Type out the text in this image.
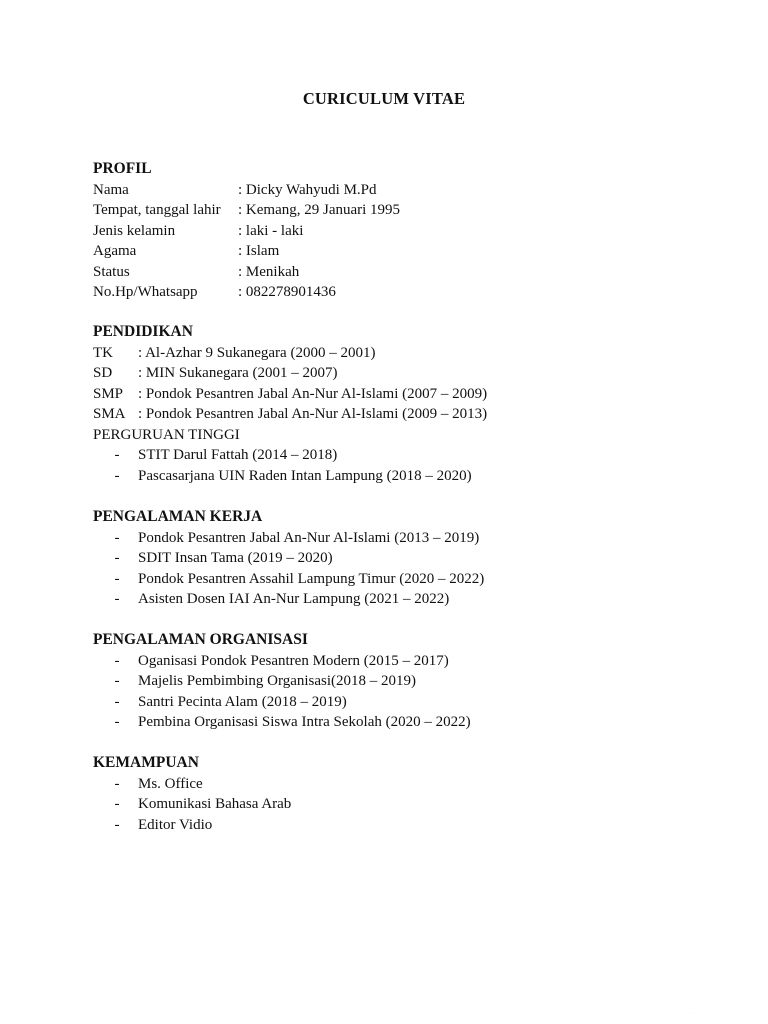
CURICULUM VITAE
PROFIL
Nama	: Dicky Wahyudi M.Pd
Tempat, tanggal lahir	: Kemang, 29 Januari 1995
Jenis kelamin	: laki - laki
Agama	: Islam
Status	: Menikah
No.Hp/Whatsapp	: 082278901436
PENDIDIKAN
TK	: Al-Azhar 9 Sukanegara (2000 – 2001)
SD	: MIN Sukanegara (2001 – 2007)
SMP : Pondok Pesantren Jabal An-Nur Al-Islami (2007 – 2009)
SMA : Pondok Pesantren Jabal An-Nur Al-Islami (2009 – 2013)
PERGURUAN TINGGI
-	STIT Darul Fattah (2014 – 2018)
-	Pascasarjana UIN Raden Intan Lampung (2018 – 2020)
PENGALAMAN KERJA
-	Pondok Pesantren Jabal An-Nur Al-Islami (2013 – 2019)
-	SDIT Insan Tama (2019 – 2020)
-	Pondok Pesantren Assahil Lampung Timur (2020 – 2022)
-	Asisten Dosen IAI An-Nur Lampung (2021 – 2022)
PENGALAMAN ORGANISASI
-	Oganisasi Pondok Pesantren Modern (2015 – 2017)
-	Majelis Pembimbing Organisasi(2018 – 2019)
-	Santri Pecinta Alam (2018 – 2019)
-	Pembina Organisasi Siswa Intra Sekolah (2020 – 2022)
KEMAMPUAN
-	Ms. Office
-	Komunikasi Bahasa Arab
-	Editor Vidio
· · · · ·
